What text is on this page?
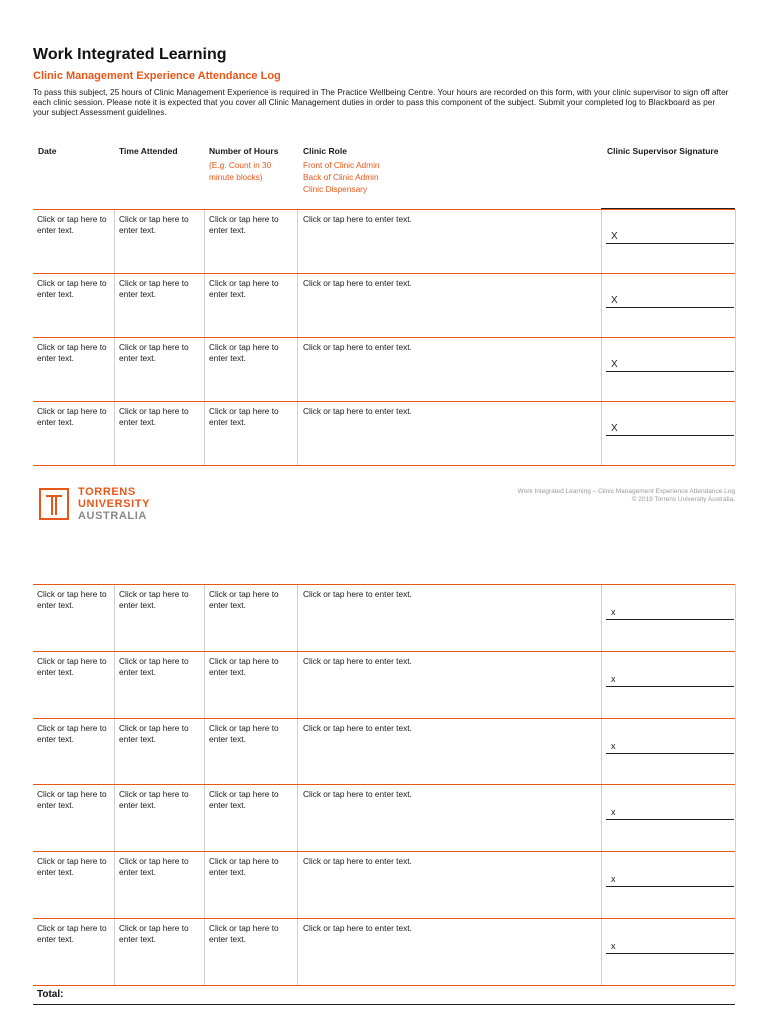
Work Integrated Learning
Clinic Management Experience Attendance Log
To pass this subject, 25 hours of Clinic Management Experience is required in The Practice Wellbeing Centre. Your hours are recorded on this form, with your clinic supervisor to sign off after each clinic session. Please note it is expected that you cover all Clinic Management duties in order to pass this component of the subject. Submit your completed log to Blackboard as per your subject Assessment guidelines.
Date	Time Attended	Number of Hours
(E.g. Count in 30 minute blocks)
Clinic Role
Front of Clinic Admin
Back of Clinic Admin
Clinic Dispensary
Clinic Supervisor Signature
Click or tap here to enter text.
Click or tap here to enter text.
Click or tap here to enter text.
Click or tap here to enter text.
X
Click or tap here to enter text.
Click or tap here to enter text.
Click or tap here to enter text.
Click or tap here to enter text.
X
Click or tap here to enter text.
Click or tap here to enter text.
Click or tap here to enter text.
Click or tap here to enter text.
X
Click or tap here to enter text.
Click or tap here to enter text.
Click or tap here to enter text.
Click or tap here to enter text.
X
Click or tap here to enter text.
Click or tap here to enter text.
Click or tap here to enter text.
Click or tap here to enter text.
x
Click or tap here to enter text.
Click or tap here to enter text.
Click or tap here to enter text.
Click or tap here to enter text.
x
Click or tap here to enter text.
Click or tap here to enter text.
Click or tap here to enter text.
Click or tap here to enter text.
x
Click or tap here to enter text.
Click or tap here to enter text.
Click or tap here to enter text.
Click or tap here to enter text.
x
Click or tap here to enter text.
Click or tap here to enter text.
Click or tap here to enter text.
Click or tap here to enter text.
x
Click or tap here to enter text.
Click or tap here to enter text.
Click or tap here to enter text.
Click or tap here to enter text.
x
TORRENS
UNIVERSITY
AUSTRALIA
Work Integrated Learning – Clinic Management Experience Attendance Log
© 2019 Torrens University Australia.
Total:
